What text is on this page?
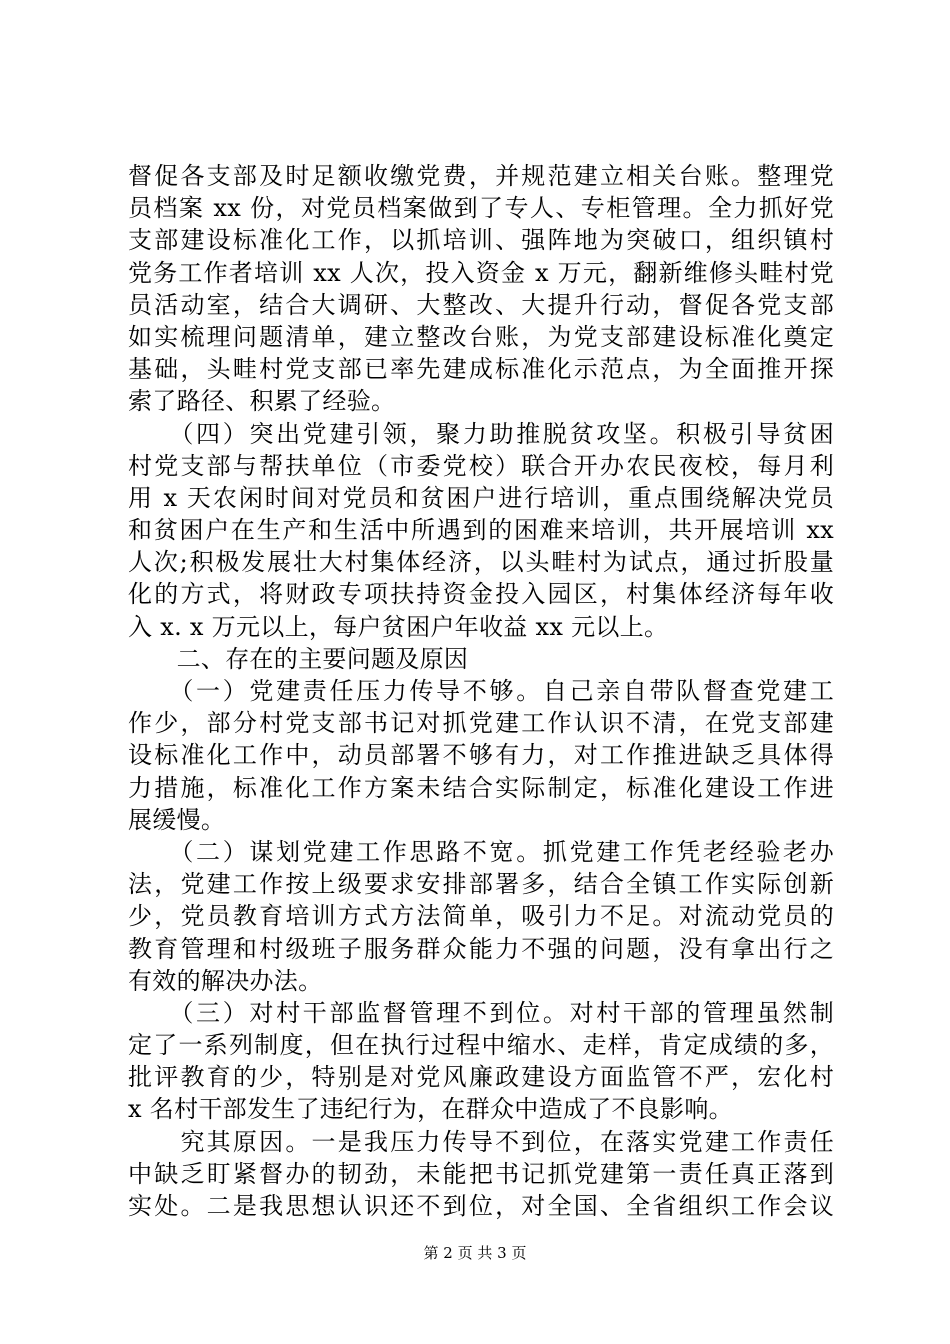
督促各支部及时足额收缴党费，并规范建立相关台账。整理党
员档案 xx 份，对党员档案做到了专人、专柜管理。全力抓好党
支部建设标准化工作，以抓培训、强阵地为突破口，组织镇村
党务工作者培训 xx 人次，投入资金 x 万元，翻新维修头畦村党
员活动室，结合大调研、大整改、大提升行动，督促各党支部
如实梳理问题清单，建立整改台账，为党支部建设标准化奠定
基础，头畦村党支部已率先建成标准化示范点，为全面推开探
索了路径、积累了经验。
　　（四）突出党建引领，聚力助推脱贫攻坚。积极引导贫困
村党支部与帮扶单位（市委党校）联合开办农民夜校，每月利
用 x 天农闲时间对党员和贫困户进行培训，重点围绕解决党员
和贫困户在生产和生活中所遇到的困难来培训，共开展培训 xx
人次;积极发展壮大村集体经济，以头畦村为试点，通过折股量
化的方式，将财政专项扶持资金投入园区，村集体经济每年收
入 x. x 万元以上，每户贫困户年收益 xx 元以上。
　　二、存在的主要问题及原因
　　（一）党建责任压力传导不够。自己亲自带队督查党建工
作少，部分村党支部书记对抓党建工作认识不清，在党支部建
设标准化工作中，动员部署不够有力，对工作推进缺乏具体得
力措施，标准化工作方案未结合实际制定，标准化建设工作进
展缓慢。
　　（二）谋划党建工作思路不宽。抓党建工作凭老经验老办
法，党建工作按上级要求安排部署多，结合全镇工作实际创新
少，党员教育培训方式方法简单，吸引力不足。对流动党员的
教育管理和村级班子服务群众能力不强的问题，没有拿出行之
有效的解决办法。
　　（三）对村干部监督管理不到位。对村干部的管理虽然制
定了一系列制度，但在执行过程中缩水、走样，肯定成绩的多，
批评教育的少，特别是对党风廉政建设方面监管不严，宏化村
x 名村干部发生了违纪行为，在群众中造成了不良影响。
　　究其原因。一是我压力传导不到位，在落实党建工作责任
中缺乏盯紧督办的韧劲，未能把书记抓党建第一责任真正落到
实处。二是我思想认识还不到位，对全国、全省组织工作会议
第 2 页 共 3 页
